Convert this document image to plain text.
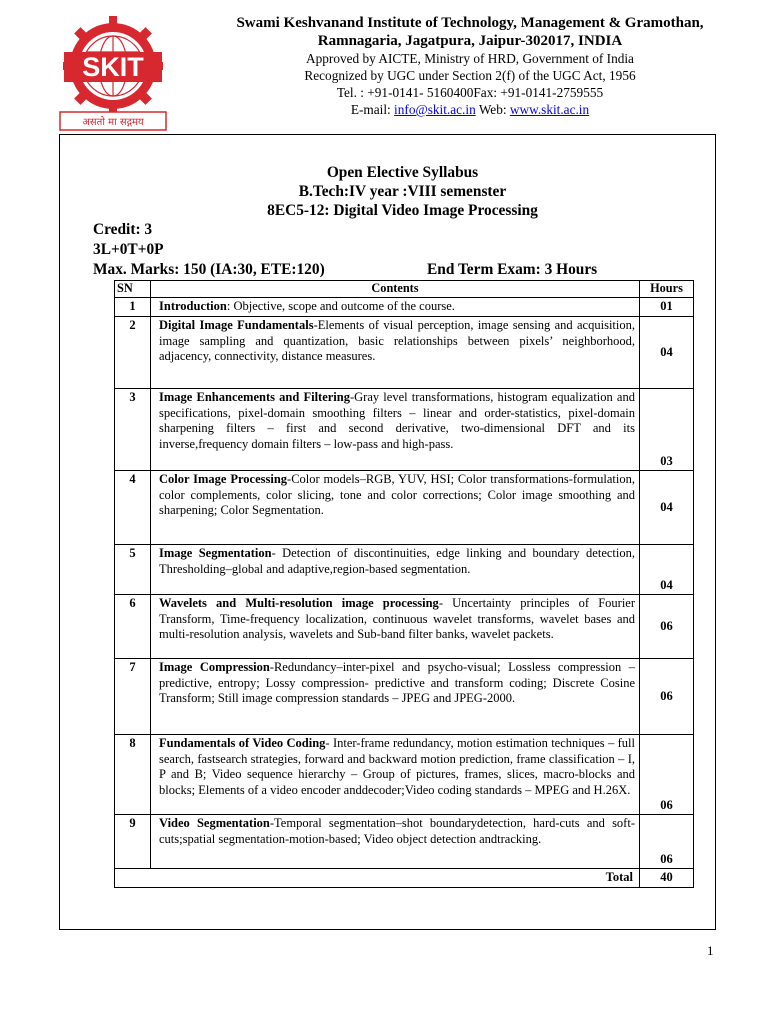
SKIT
असतो मा सद्गमय
Swami Keshvanand Institute of Technology, Management & Gramothan,
Ramnagaria, Jagatpura, Jaipur-302017, INDIA
Approved by AICTE, Ministry of HRD, Government of India
Recognized by UGC under Section 2(f) of the UGC Act, 1956
Tel. : +91-0141- 5160400Fax: +91-0141-2759555
E-mail: info@skit.ac.in Web: www.skit.ac.in
Open Elective Syllabus
B.Tech:IV year :VIII semenster
8EC5-12: Digital Video Image Processing
Credit: 3
3L+0T+0P
Max. Marks: 150 (IA:30, ETE:120)	End Term Exam: 3 Hours
SN	Contents	Hours
1	Introduction: Objective, scope and outcome of the course.	01
2	Digital Image Fundamentals-Elements of visual perception, image sensing and acquisition, image sampling and quantization, basic relationships between pixels’ neighborhood, adjacency, connectivity, distance measures.	04
3	Image Enhancements and Filtering-Gray level transformations, histogram equalization and specifications, pixel-domain smoothing filters – linear and order-statistics, pixel-domain sharpening filters – first and second derivative, two-dimensional DFT and its inverse,frequency domain filters – low-pass and high-pass.	03
4	Color Image Processing-Color models–RGB, YUV, HSI; Color transformations-formulation, color complements, color slicing, tone and color corrections; Color image smoothing and sharpening; Color Segmentation.	04
5	Image Segmentation- Detection of discontinuities, edge linking and boundary detection, Thresholding–global and adaptive,region-based segmentation.	04
6	Wavelets and Multi-resolution image processing- Uncertainty principles of Fourier Transform, Time-frequency localization, continuous wavelet transforms, wavelet bases and multi-resolution analysis, wavelets and Sub-band filter banks, wavelet packets.	06
7	Image Compression-Redundancy–inter-pixel and psycho-visual; Lossless compression – predictive, entropy; Lossy compression- predictive and transform coding; Discrete Cosine Transform; Still image compression standards – JPEG and JPEG-2000.	06
8	Fundamentals of Video Coding- Inter-frame redundancy, motion estimation techniques – full search, fastsearch strategies, forward and backward motion prediction, frame classification – I, P and B; Video sequence hierarchy – Group of pictures, frames, slices, macro-blocks and blocks; Elements of a video encoder anddecoder;Video coding standards – MPEG and H.26X.	06
9	Video Segmentation-Temporal segmentation–shot boundarydetection, hard-cuts and soft-cuts;spatial segmentation-motion-based; Video object detection andtracking.	06
Total		40
1
